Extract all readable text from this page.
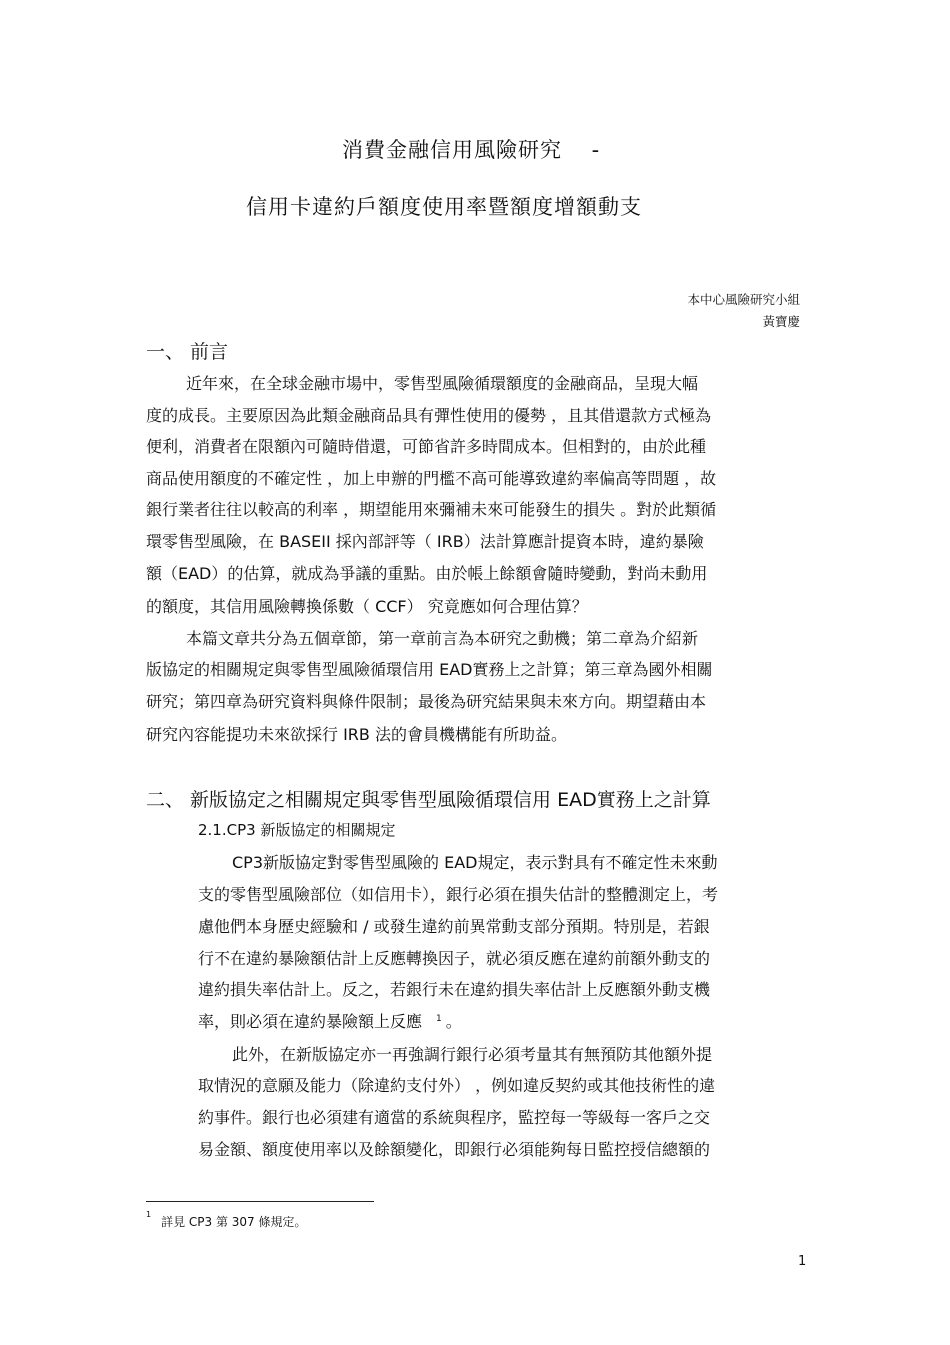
消費金融信用風險研究　 -
信用卡違約戶額度使用率暨額度增額動支
本中心風險研究小組
黃寶慶
一、 前言
近年來，在全球金融市場中，零售型風險循環額度的金融商品，呈現大幅
度的成長。主要原因為此類金融商品具有彈性使用的優勢 ，且其借還款方式極為
便利，消費者在限額內可隨時借還，可節省許多時間成本。但相對的，由於此種
商品使用額度的不確定性 ，加上申辦的門檻不高可能導致違約率偏高等問題 ，故
銀行業者往往以較高的利率 ，期望能用來彌補未來可能發生的損失 。對於此類循
環零售型風險，在 BASEII 採內部評等（ IRB）法計算應計提資本時，違約暴險
額（EAD）的估算，就成為爭議的重點。由於帳上餘額會隨時變動，對尚未動用
的額度，其信用風險轉換係數（ CCF） 究竟應如何合理估算？
本篇文章共分為五個章節，第一章前言為本研究之動機；第二章為介紹新
版協定的相關規定與零售型風險循環信用 EAD實務上之計算；第三章為國外相關
研究；第四章為研究資料與條件限制；最後為研究結果與未來方向。期望藉由本
研究內容能提功未來欲採行 IRB 法的會員機構能有所助益。
二、 新版協定之相關規定與零售型風險循環信用 EAD實務上之計算
2.1.CP3 新版協定的相關規定
CP3新版協定對零售型風險的 EAD規定，表示對具有不確定性未來動
支的零售型風險部位（如信用卡），銀行必須在損失估計的整體測定上，考
慮他們本身歷史經驗和 / 或發生違約前異常動支部分預期。特別是，若銀
行不在違約暴險額估計上反應轉換因子，就必須反應在違約前額外動支的
違約損失率估計上。反之，若銀行未在違約損失率估計上反應額外動支機
率，則必須在違約暴險額上反應 $^1$ 。
此外，在新版協定亦一再強調行銀行必須考量其有無預防其他額外提
取情況的意願及能力（除違約支付外） ，例如違反契約或其他技術性的違
約事件。銀行也必須建有適當的系統與程序，監控每一等級每一客戶之交
易金額、額度使用率以及餘額變化，即銀行必須能夠每日監控授信總額的
$^1$詳見 CP3 第 307 條規定。
1
